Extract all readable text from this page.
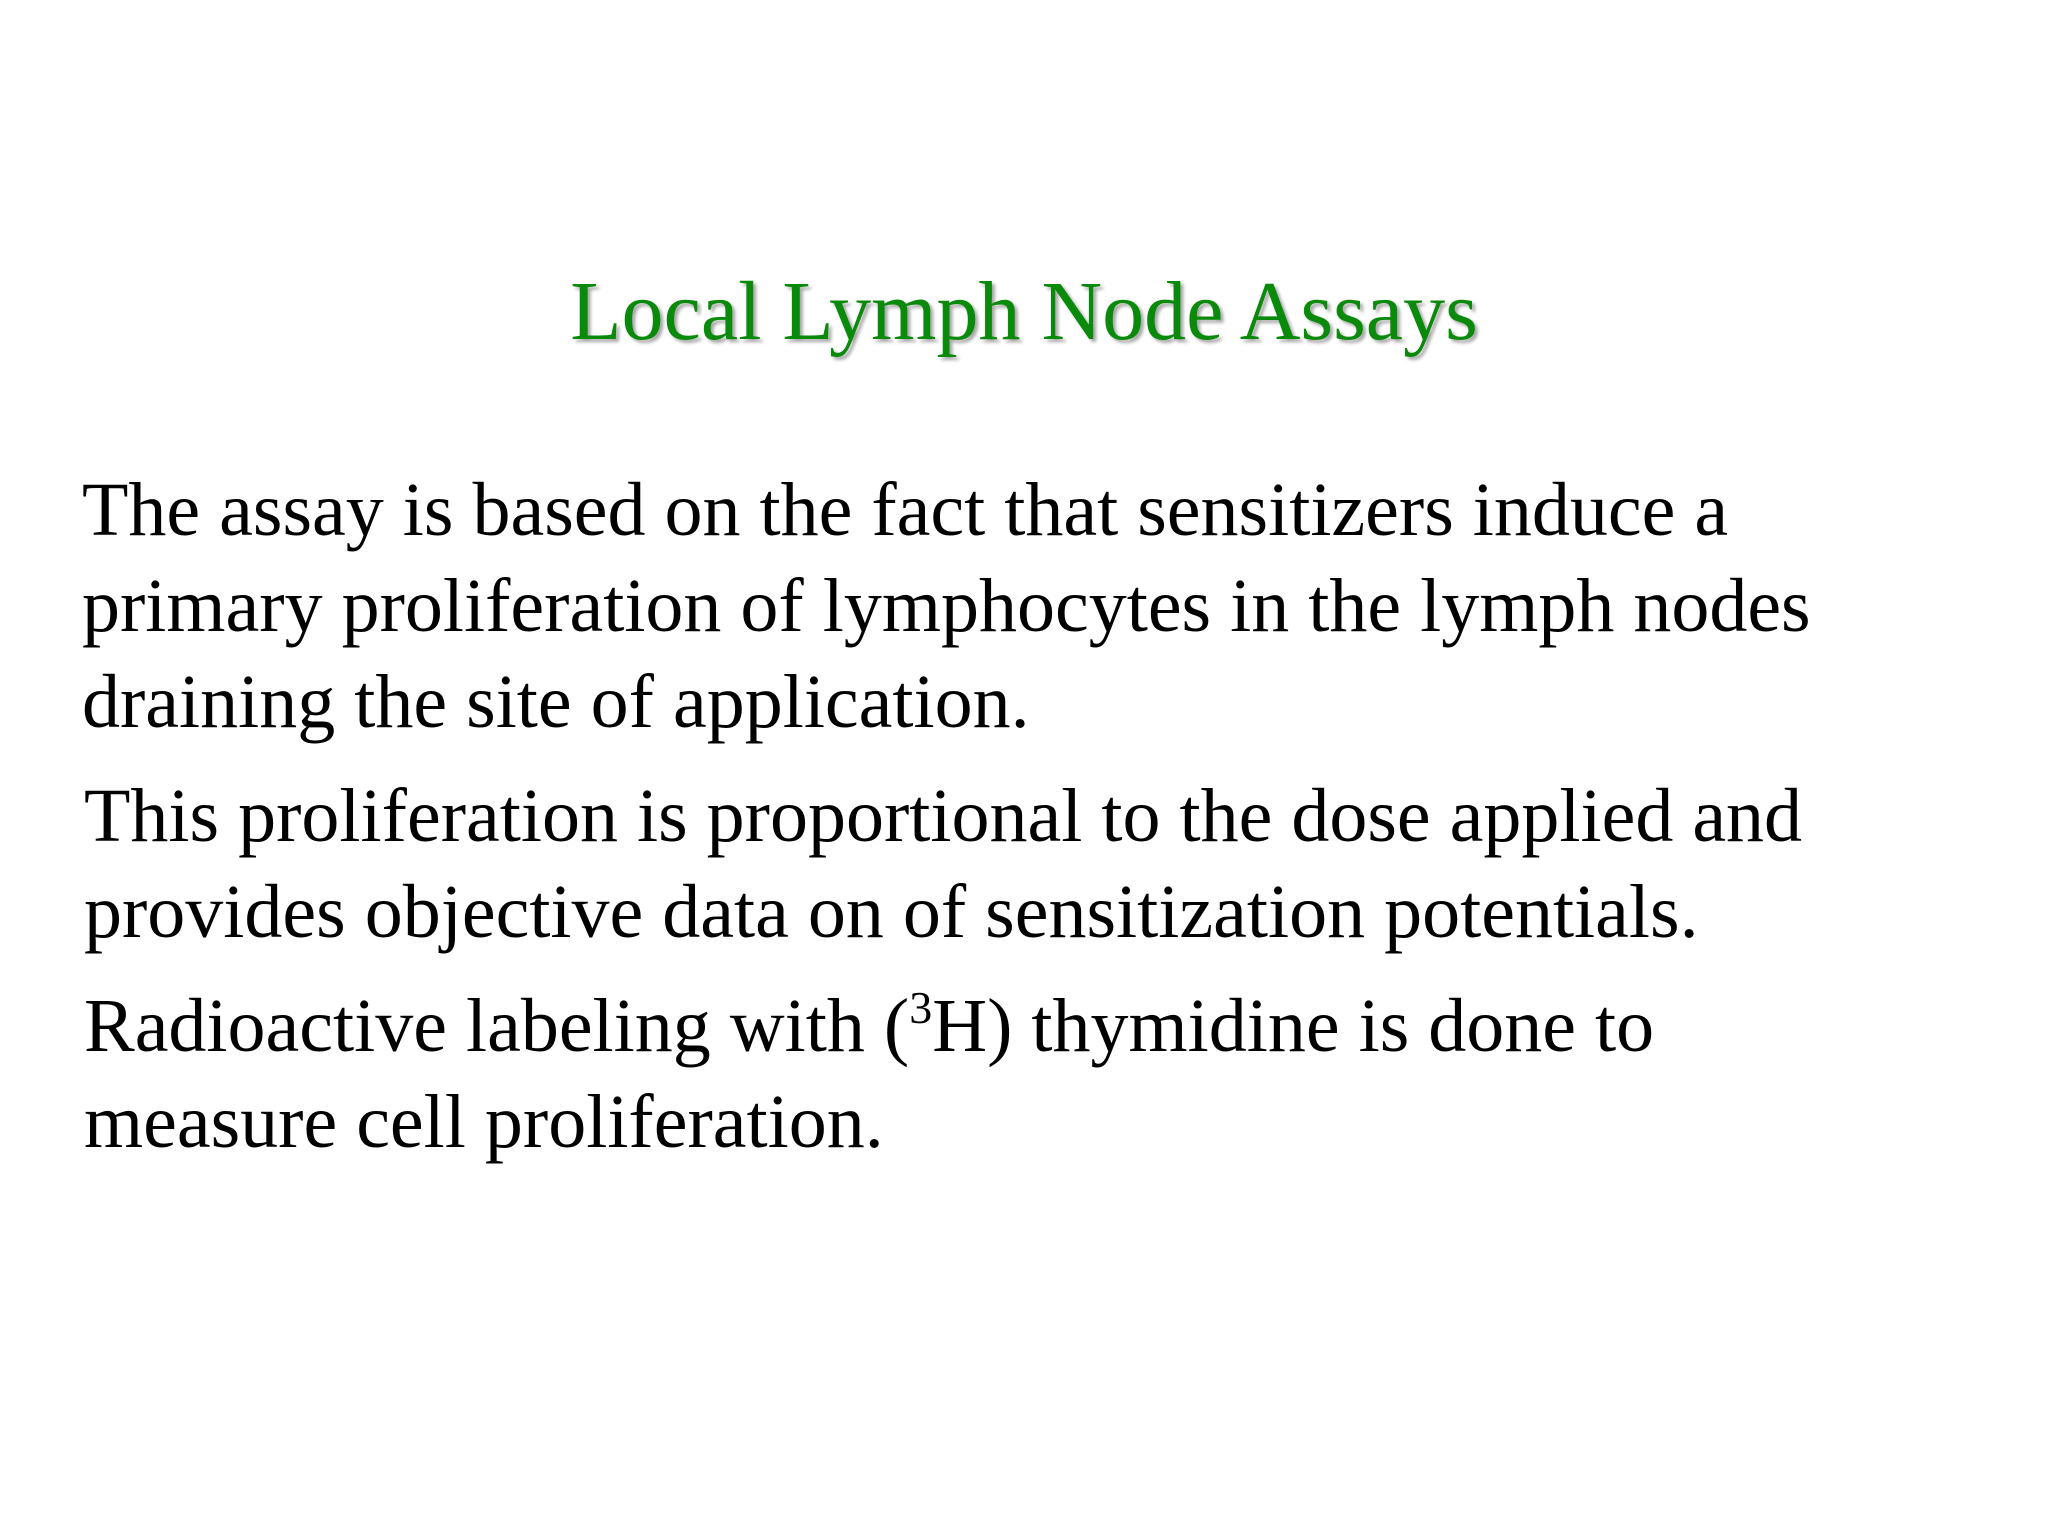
Local Lymph Node Assays

The assay is based on the fact that sensitizers induce a
primary proliferation of lymphocytes in the lymph nodes
draining the site of application.

This proliferation is proportional to the dose applied and
provides objective data on of sensitization potentials.

Radioactive labeling with ($^3$H) thymidine is done to
measure cell proliferation.
